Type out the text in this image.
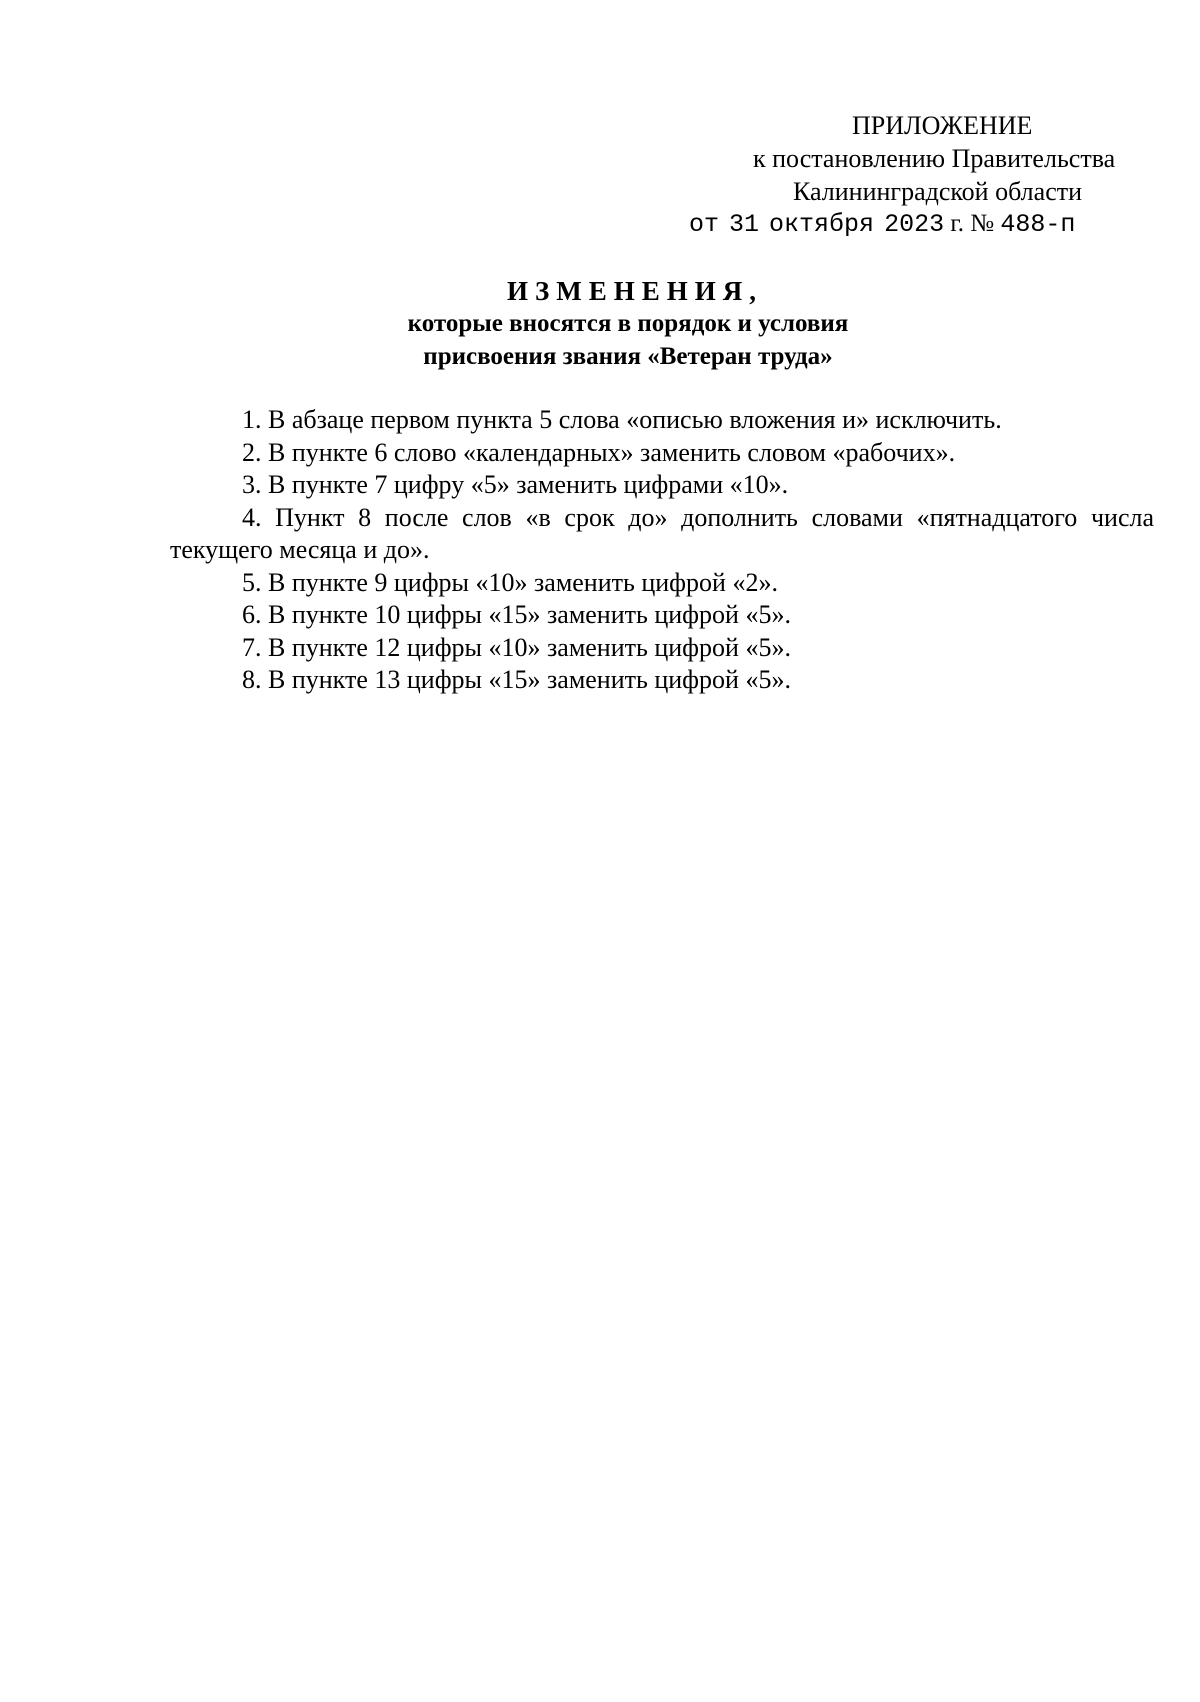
ПРИЛОЖЕНИЕ
к постановлению Правительства
Калининградской области
от 31 октября 2023 г. № 488-п
ИЗМЕНЕНИЯ,
которые вносятся в порядок и условия
присвоения звания «Ветеран труда»

1. В абзаце первом пункта 5 слова «описью вложения и» исключить.

2. В пункте 6 слово «календарных» заменить словом «рабочих».

3. В пункте 7 цифру «5» заменить цифрами «10».

4. Пункт 8 после слов «в срок до» дополнить словами «пятнадцатого числа текущего месяца и до».

5. В пункте 9 цифры «10» заменить цифрой «2».

6. В пункте 10 цифры «15» заменить цифрой «5».

7. В пункте 12 цифры «10» заменить цифрой «5».

8. В пункте 13 цифры «15» заменить цифрой «5».
